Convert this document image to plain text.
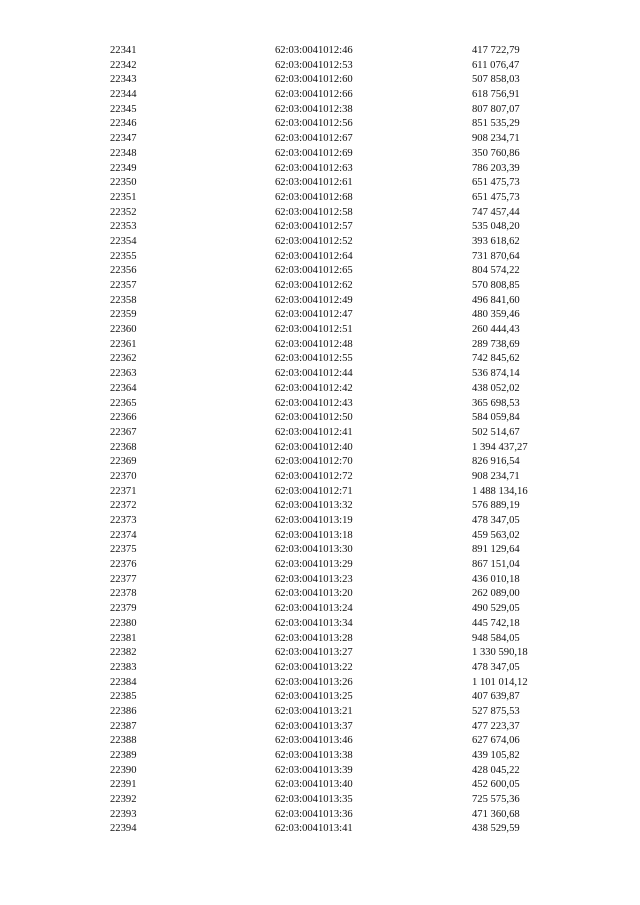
22341	62:03:0041012:46	417 722,79
22342	62:03:0041012:53	611 076,47
22343	62:03:0041012:60	507 858,03
22344	62:03:0041012:66	618 756,91
22345	62:03:0041012:38	807 807,07
22346	62:03:0041012:56	851 535,29
22347	62:03:0041012:67	908 234,71
22348	62:03:0041012:69	350 760,86
22349	62:03:0041012:63	786 203,39
22350	62:03:0041012:61	651 475,73
22351	62:03:0041012:68	651 475,73
22352	62:03:0041012:58	747 457,44
22353	62:03:0041012:57	535 048,20
22354	62:03:0041012:52	393 618,62
22355	62:03:0041012:64	731 870,64
22356	62:03:0041012:65	804 574,22
22357	62:03:0041012:62	570 808,85
22358	62:03:0041012:49	496 841,60
22359	62:03:0041012:47	480 359,46
22360	62:03:0041012:51	260 444,43
22361	62:03:0041012:48	289 738,69
22362	62:03:0041012:55	742 845,62
22363	62:03:0041012:44	536 874,14
22364	62:03:0041012:42	438 052,02
22365	62:03:0041012:43	365 698,53
22366	62:03:0041012:50	584 059,84
22367	62:03:0041012:41	502 514,67
22368	62:03:0041012:40	1 394 437,27
22369	62:03:0041012:70	826 916,54
22370	62:03:0041012:72	908 234,71
22371	62:03:0041012:71	1 488 134,16
22372	62:03:0041013:32	576 889,19
22373	62:03:0041013:19	478 347,05
22374	62:03:0041013:18	459 563,02
22375	62:03:0041013:30	891 129,64
22376	62:03:0041013:29	867 151,04
22377	62:03:0041013:23	436 010,18
22378	62:03:0041013:20	262 089,00
22379	62:03:0041013:24	490 529,05
22380	62:03:0041013:34	445 742,18
22381	62:03:0041013:28	948 584,05
22382	62:03:0041013:27	1 330 590,18
22383	62:03:0041013:22	478 347,05
22384	62:03:0041013:26	1 101 014,12
22385	62:03:0041013:25	407 639,87
22386	62:03:0041013:21	527 875,53
22387	62:03:0041013:37	477 223,37
22388	62:03:0041013:46	627 674,06
22389	62:03:0041013:38	439 105,82
22390	62:03:0041013:39	428 045,22
22391	62:03:0041013:40	452 600,05
22392	62:03:0041013:35	725 575,36
22393	62:03:0041013:36	471 360,68
22394	62:03:0041013:41	438 529,59
